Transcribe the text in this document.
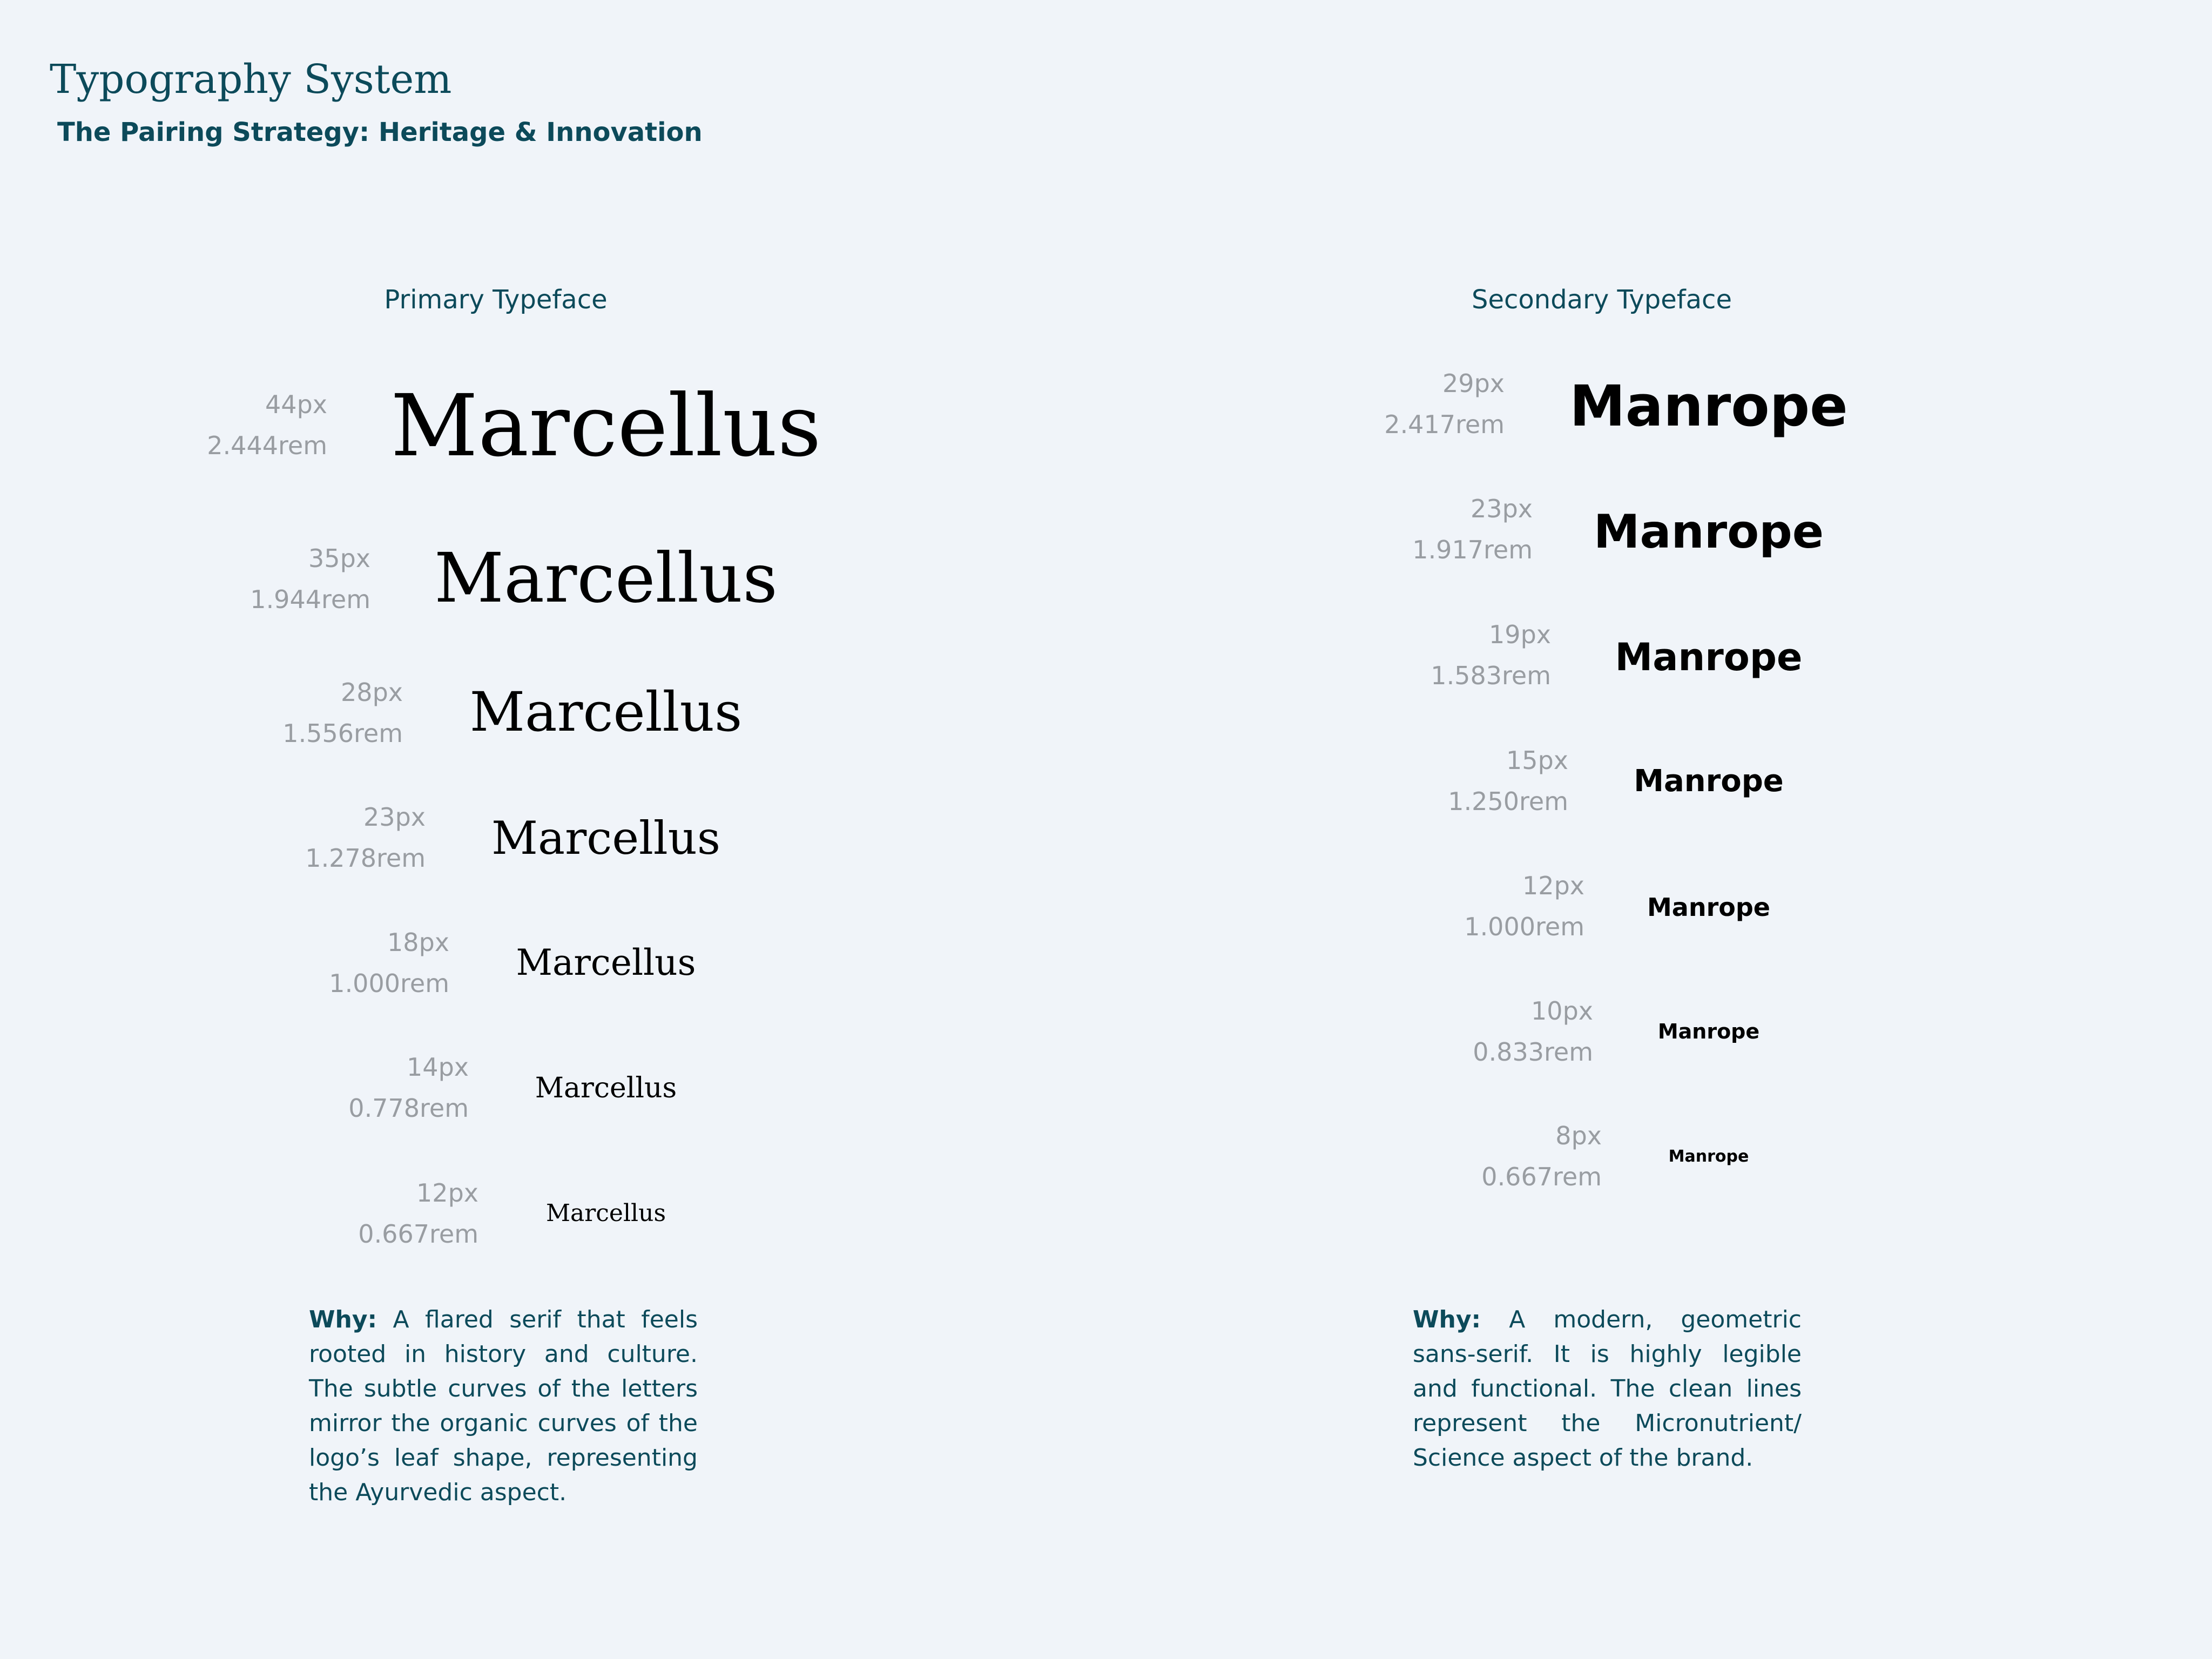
Typography System
The Pairing Strategy: Heritage & Innovation
Primary Typeface	Secondary Typeface
44px
2.444rem Marcellus
35px
1.944rem Marcellus
28px
1.556rem Marcellus
23px
1.278rem Marcellus
18px
1.000rem Marcellus
14px
0.778rem
Marcellus
12px
0.667rem
Marcellus
29px
2.417rem Manrope
23px
1.917rem Manrope
19px
1.583rem Manrope
15px
1.250rem
Manrope
12px
1.000rem
Manrope
10px
0.833rem
Manrope
8px
0.667rem
Manrope

Why: A flared serif that feels rooted in history and culture. The subtle curves of the letters mirror the organic curves of the logo’s leaf shape, representing the Ayurvedic aspect.

Why: A modern, geometric sans-serif. It is highly legible and functional. The clean lines represent the Micronutrient/ Science aspect of the brand.
